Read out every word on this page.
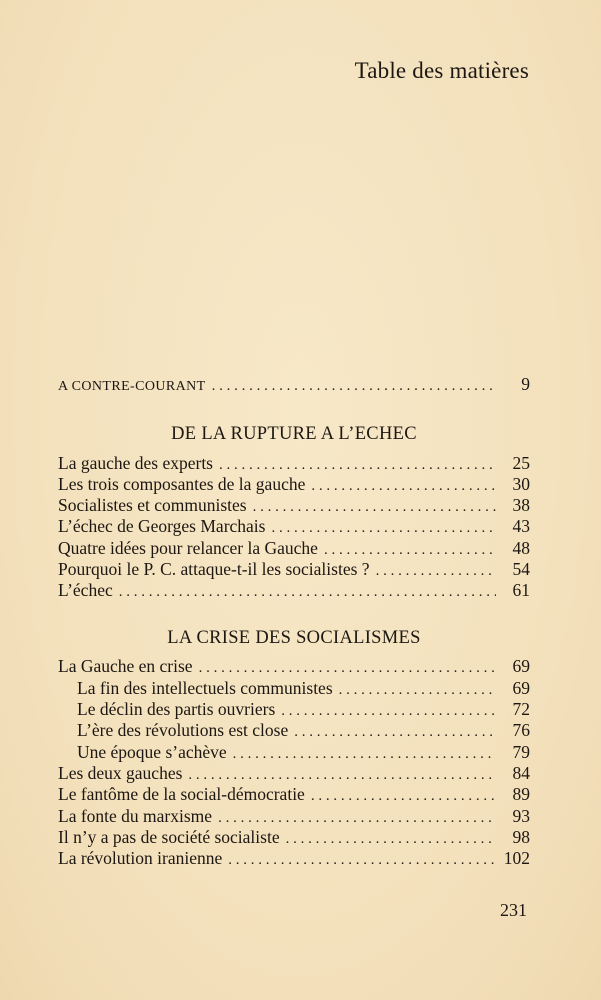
Table des matières
A CONTRE-COURANT . . .	9
DE LA RUPTURE A L’ECHEC
La gauche des experts . . .	25
Les trois composantes de la gauche . . .	30
Socialistes et communistes . . .	38
L’échec de Georges Marchais . . .	43
Quatre idées pour relancer la Gauche . . .	48
Pourquoi le P. C. attaque-t-il les socialistes ? . . .	54
L’échec . . .	61
LA CRISE DES SOCIALISMES
La Gauche en crise . . .	69
La fin des intellectuels communistes . . .	69
Le déclin des partis ouvriers . . .	72
L’ère des révolutions est close . . .	76
Une époque s’achève . . .	79
Les deux gauches . . .	84
Le fantôme de la social-démocratie . . .	89
La fonte du marxisme . . .	93
Il n’y a pas de société socialiste . . .	98
La révolution iranienne . . .	102
231
